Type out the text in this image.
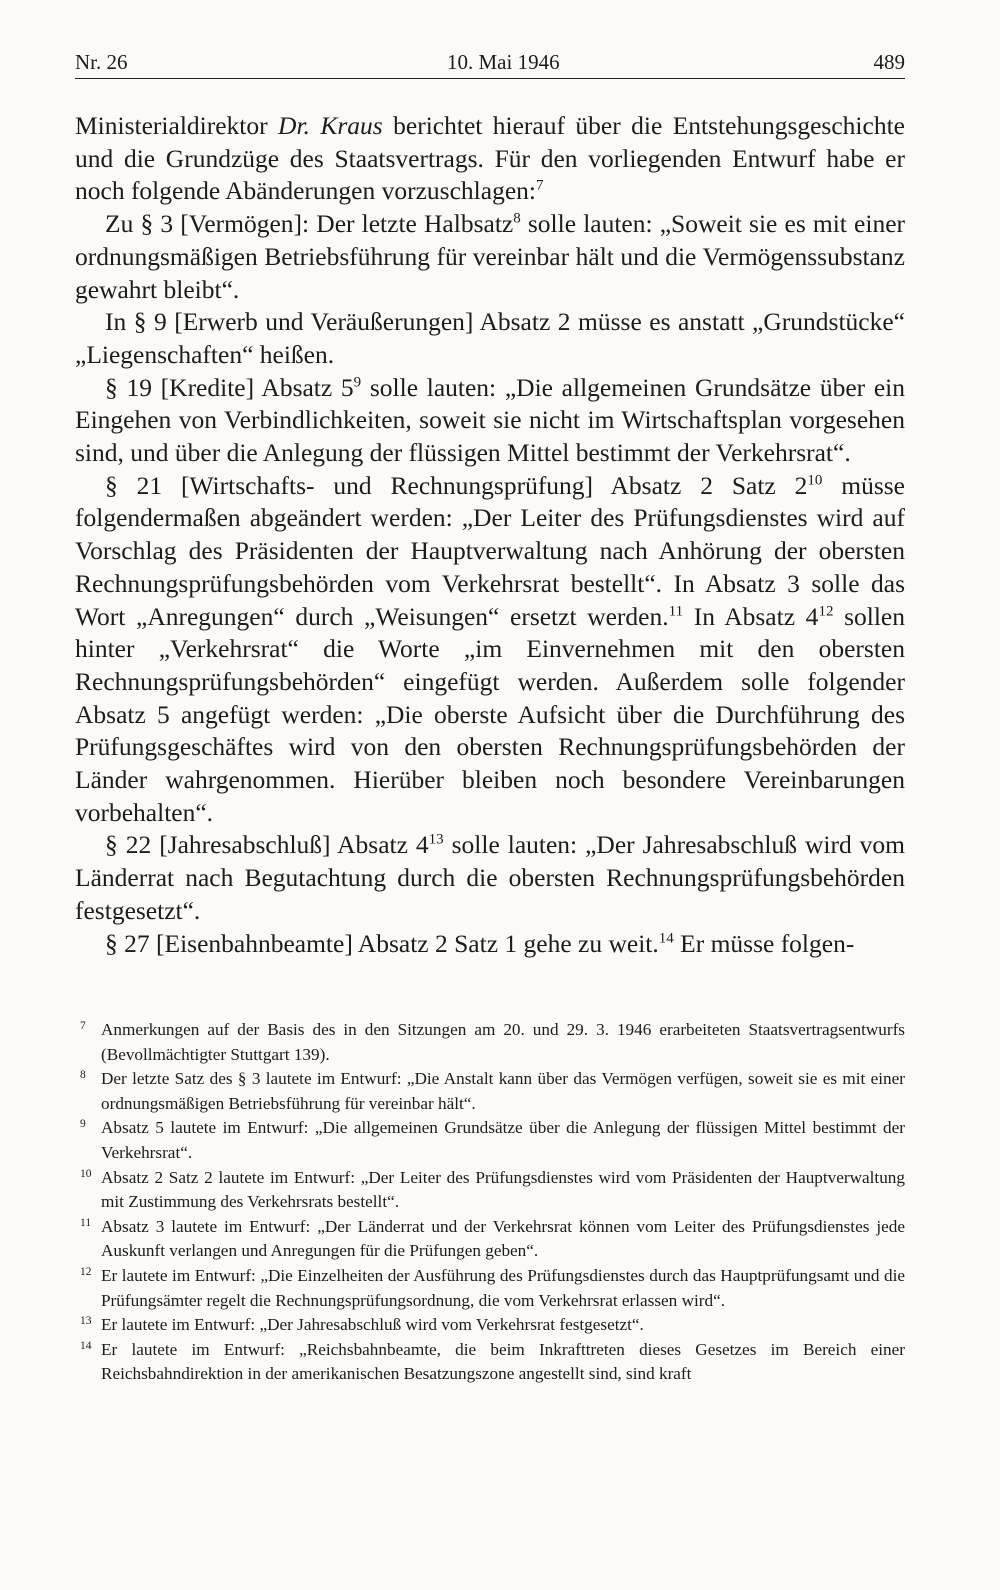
Nr. 26	10. Mai 1946	489

Ministerialdirektor Dr. Kraus berichtet hierauf über die Entstehungsgeschichte und die Grundzüge des Staatsvertrags. Für den vorliegenden Entwurf habe er noch folgende Abänderungen vorzuschlagen:$^7$

Zu § 3 [Vermögen]: Der letzte Halbsatz$^8$ solle lauten: „Soweit sie es mit einer ordnungsmäßigen Betriebsführung für vereinbar hält und die Vermögenssubstanz gewahrt bleibt“.

In § 9 [Erwerb und Veräußerungen] Absatz 2 müsse es anstatt „Grundstücke“ „Liegenschaften“ heißen.

§ 19 [Kredite] Absatz $5^9$ solle lauten: „Die allgemeinen Grundsätze über ein Eingehen von Verbindlichkeiten, soweit sie nicht im Wirtschaftsplan vorgesehen sind, und über die Anlegung der flüssigen Mittel bestimmt der Verkehrsrat“.

§ 21 [Wirtschafts- und Rechnungsprüfung] Absatz 2 Satz $2^{10}$ müsse folgendermaßen abgeändert werden: „Der Leiter des Prüfungsdienstes wird auf Vorschlag des Präsidenten der Hauptverwaltung nach Anhörung der obersten Rechnungsprüfungsbehörden vom Verkehrsrat bestellt“. In Absatz 3 solle das Wort „Anregungen“ durch „Weisungen“ ersetzt werden.$^{11}$ In Absatz $4^{12}$ sollen hinter „Verkehrsrat“ die Worte „im Einvernehmen mit den obersten Rechnungsprüfungsbehörden“ eingefügt werden. Außerdem solle folgender Absatz 5 angefügt werden: „Die oberste Aufsicht über die Durchführung des Prüfungsgeschäftes wird von den obersten Rechnungsprüfungsbehörden der Länder wahrgenommen. Hierüber bleiben noch besondere Vereinbarungen vorbehalten“.

§ 22 [Jahresabschluß] Absatz $4^{13}$ solle lauten: „Der Jahresabschluß wird vom Länderrat nach Begutachtung durch die obersten Rechnungsprüfungsbehörden festgesetzt“.

§ 27 [Eisenbahnbeamte] Absatz 2 Satz 1 gehe zu weit.$^{14}$ Er müsse folgen-

7 Anmerkungen auf der Basis des in den Sitzungen am 20. und 29. 3. 1946 erarbeiteten Staatsvertragsentwurfs (Bevollmächtigter Stuttgart 139).

8 Der letzte Satz des § 3 lautete im Entwurf: „Die Anstalt kann über das Vermögen verfügen, soweit sie es mit einer ordnungsmäßigen Betriebsführung für vereinbar hält“.

9 Absatz 5 lautete im Entwurf: „Die allgemeinen Grundsätze über die Anlegung der flüssigen Mittel bestimmt der Verkehrsrat“.

10 Absatz 2 Satz 2 lautete im Entwurf: „Der Leiter des Prüfungsdienstes wird vom Präsidenten der Hauptverwaltung mit Zustimmung des Verkehrsrats bestellt“.

11 Absatz 3 lautete im Entwurf: „Der Länderrat und der Verkehrsrat können vom Leiter des Prüfungsdienstes jede Auskunft verlangen und Anregungen für die Prüfungen geben“.

12 Er lautete im Entwurf: „Die Einzelheiten der Ausführung des Prüfungsdienstes durch das Hauptprüfungsamt und die Prüfungsämter regelt die Rechnungsprüfungsordnung, die vom Verkehrsrat erlassen wird“.

13 Er lautete im Entwurf: „Der Jahresabschluß wird vom Verkehrsrat festgesetzt“.

14 Er lautete im Entwurf: „Reichsbahnbeamte, die beim Inkrafttreten dieses Gesetzes im Bereich einer Reichsbahndirektion in der amerikanischen Besatzungszone angestellt sind, sind kraft
